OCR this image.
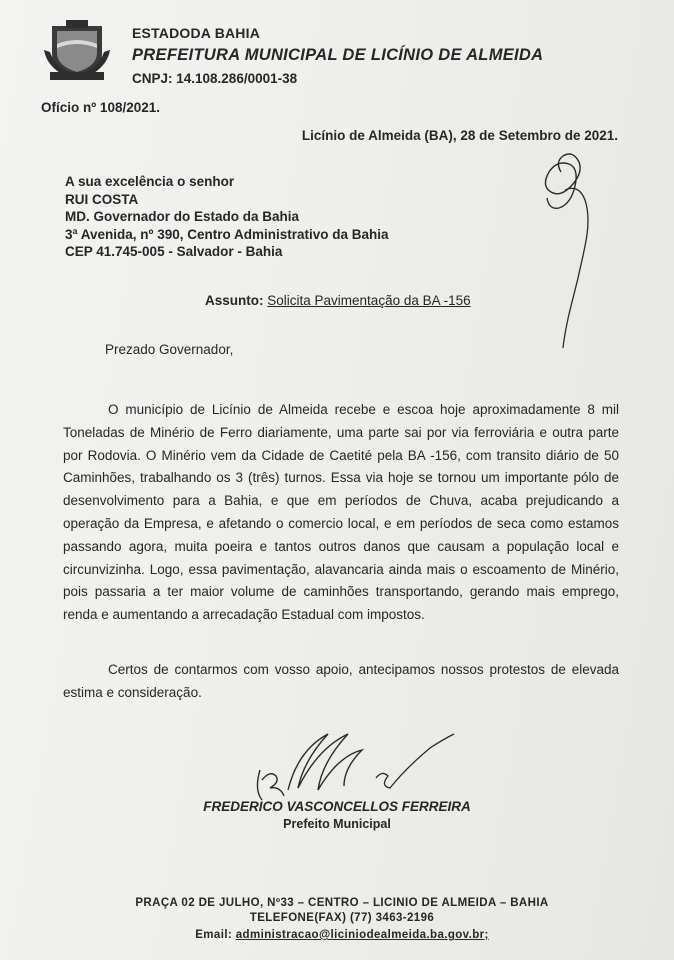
ESTADODA BAHIA
PREFEITURA MUNICIPAL DE LICÍNIO DE ALMEIDA
CNPJ: 14.108.286/0001-38
Ofício nº 108/2021.
Licínio de Almeida (BA), 28 de Setembro de 2021.
A sua excelência o senhor
RUI COSTA
MD. Governador do Estado da Bahia
3ª Avenida, nº 390, Centro Administrativo da Bahia
CEP 41.745-005 - Salvador - Bahia
Assunto: Solicita Pavimentação da BA -156
Prezado Governador,

O município de Licínio de Almeida recebe e escoa hoje aproximadamente 8 mil Toneladas de Minério de Ferro diariamente, uma parte sai por via ferroviária e outra parte por Rodovia. O Minério vem da Cidade de Caetité pela BA -156, com transito diário de 50 Caminhões, trabalhando os 3 (três) turnos. Essa via hoje se tornou um importante pólo de desenvolvimento para a Bahia, e que em períodos de Chuva, acaba prejudicando a operação da Empresa, e afetando o comercio local, e em períodos de seca como estamos passando agora, muita poeira e tantos outros danos que causam a população local e circunvizinha. Logo, essa pavimentação, alavancaria ainda mais o escoamento de Minério, pois passaria a ter maior volume de caminhões transportando, gerando mais emprego, renda e aumentando a arrecadação Estadual com impostos.

Certos de contarmos com vosso apoio, antecipamos nossos protestos de elevada estima e consideração.

FREDERICO VASCONCELLOS FERREIRA
Prefeito Municipal
PRAÇA 02 DE JULHO, Nº33 – CENTRO – LICINIO DE ALMEIDA – BAHIA
TELEFONE(FAX) (77) 3463-2196
Email: administracao@liciniodealmeida.ba.gov.br;
